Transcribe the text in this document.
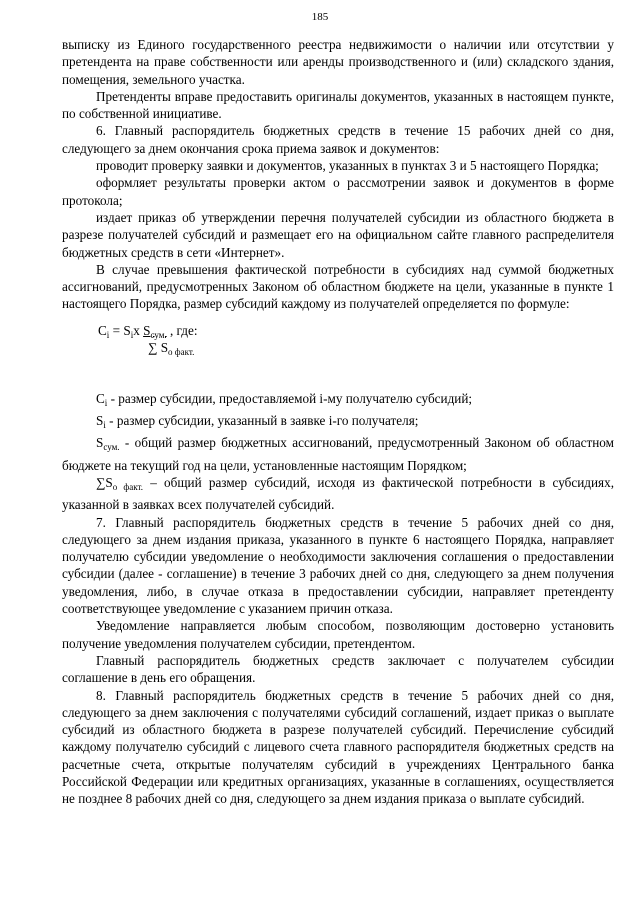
185

выписку из Единого государственного реестра недвижимости о наличии или отсутствии у претендента на праве собственности или аренды производственного и (или) складского здания, помещения, земельного участка.

Претенденты вправе предоставить оригиналы документов, указанных в настоящем пункте, по собственной инициативе.

6. Главный распорядитель бюджетных средств в течение 15 рабочих дней со дня, следующего за днем окончания срока приема заявок и документов:

проводит проверку заявки и документов, указанных в пунктах 3 и 5 настоящего Порядка;

оформляет результаты проверки актом о рассмотрении заявок и документов в форме протокола;

издает приказ об утверждении перечня получателей субсидии из областного бюджета в разрезе получателей субсидий и размещает его на официальном сайте главного распределителя бюджетных средств в сети «Интернет».

В случае превышения фактической потребности в субсидиях над суммой бюджетных ассигнований, предусмотренных Законом об областном бюджете на цели, указанные в пункте 1 настоящего Порядка, размер субсидий каждому из получателей определяется по формуле:

$C_i = S_ix$ $S_{сум.}$ , где:
∑ $S_{о факт.}$

$C_i$ - размер субсидии, предоставляемой i-му получателю субсидий;

$S_i$ - размер субсидии, указанный в заявке i-го получателя;

$S_{сум.}$ - общий размер бюджетных ассигнований, предусмотренный Законом об областном бюджете на текущий год на цели, установленные настоящим Порядком;

$\sum S_{о факт.}$ – общий размер субсидий, исходя из фактической потребности в субсидиях, указанной в заявках всех получателей субсидий.

7. Главный распорядитель бюджетных средств в течение 5 рабочих дней со дня, следующего за днем издания приказа, указанного в пункте 6 настоящего Порядка, направляет получателю субсидии уведомление о необходимости заключения соглашения о предоставлении субсидии (далее - соглашение) в течение 3 рабочих дней со дня, следующего за днем получения уведомления, либо, в случае отказа в предоставлении субсидии, направляет претенденту соответствующее уведомление с указанием причин отказа.

Уведомление направляется любым способом, позволяющим достоверно установить получение уведомления получателем субсидии, претендентом.

Главный распорядитель бюджетных средств заключает с получателем субсидии соглашение в день его обращения.

8. Главный распорядитель бюджетных средств в течение 5 рабочих дней со дня, следующего за днем заключения с получателями субсидий соглашений, издает приказ о выплате субсидий из областного бюджета в разрезе получателей субсидий. Перечисление субсидий каждому получателю субсидий с лицевого счета главного распорядителя бюджетных средств на расчетные счета, открытые получателям субсидий в учреждениях Центрального банка Российской Федерации или кредитных организациях, указанные в соглашениях, осуществляется не позднее 8 рабочих дней со дня, следующего за днем издания приказа о выплате субсидий.
